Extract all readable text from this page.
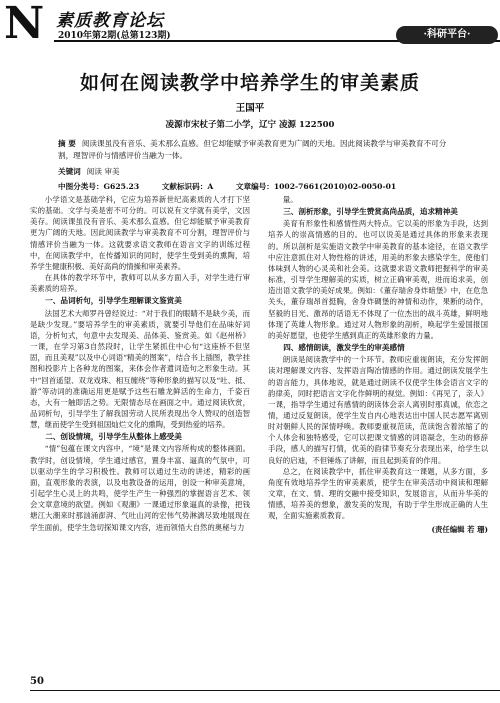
N 素质教育论坛
2010年第2期(总第123期)	·科研平台·
如何在阅读教学中培养学生的审美素质
王国平
凌源市宋杖子第二小学，辽宁 凌源 122500
摘 要 阅读课虽没有音乐、美术那么直感。但它却能赋予审美教育更为广阔的天地。因此阅读教学与审美教育不可分割，理智评价与情感评价当融为一体。
关键词 阅读 审美
中图分类号：G625.23	文献标识码：A	文章编号：1002-7661(2010)02-0050-01

小学语文是基础学科，它应为培养新世纪高素质的人才打下坚实的基础。文学与美是密不可分的。可以说有文学就有美学，文因美存。阅读课虽没有音乐、美术那么直感。但它却能赋予审美教育更为广阔的天地。因此阅读教学与审美教育不可分割，理智评价与情感评价当融为一体。这就要求语文教师在语言文字的训练过程中，在阅读教学中，在传播知识的同时，使学生受到美的熏陶，培养学生健康积极、美好高尚的情操和审美素养。

在具体的教学环节中，教师可以从多方面入手，对学生进行审美素质的培养。

一、品词析句，引导学生理解课文鉴赏美

法国艺术大师罗丹曾经说过：“对于我们的眼睛不是缺少美，而是缺少发现。”要培养学生的审美素质，就要引导他们在品味好词语，分析句式，句意中去发现美、品体美、鉴赏美。如《赵州桥》一课，在学习第3自然段时，让学生紧抓住中心句“这座桥不但坚固，而且美观”以及中心词语“精美的图案”，结合书上插图，教学挂图和投影片上各种龙的图案，来体会作者遣词造句之形象生动。其中“回首遥望、双龙戏珠、相互缠绕”等种形象的描写以及“吐、抵、游”等动词的准确运用更是赋予这些石雕龙鲜活的生命力，千姿百态，大有一触即活之势。无限情态尽在画面之中。通过阅读欣赏，品词析句，引导学生了解我国劳动人民所表现出令人赞叹的创造智慧，继而使学生受到祖国灿烂文化的熏陶，受到热爱的培养。

二、创设情境，引导学生从整体上感受美

“情”包蕴在课文内容中，“境”是课文内容所构成的整体画面。教学时，创设情境，学生通过感官，置身丰富、逼真的气氛中，可以驱动学生的学习积极性。教师可以通过生动的讲述，精彩的画面，直观形象的表演，以及电教设备的运用，创设一种审美意境，引起学生心灵上的共鸣，使学生产生一种强烈的掌握语言艺术、领会文章意境的欲望。例如《观潮》一课通过形象逼真的录像，把钱塘江大潮来时那汹涌澎湃、气吐山河的宏伟气势淋漓尽致地展现在学生面前，使学生急切探知课文内容，进而领悟大自然的奥秘与力

量。

三、剖析形象，引导学生赞赏高尚品质，追求精神美

美育有形象性和感情性两大特点。它以美的形象为手段，达到培养人的崇高情感的目的。也可以说美是通过具体的形象来表现的。所以剖析是实施语文教学中审美教育的基本途径，在语文教学中应注意抓住对人物性格的讲述，用美的形象去感染学生，使他们体味到人物的心灵美和社会美。这就要求语文教师把握科学的审美标准，引导学生理解美的实质，树立正确审美观，进而追求美，创造出语文教学的美好成果。例如：《董存瑞舍身炸暗堡》中，在危急关头，董存瑞昂首挺胸，舍身炸碉堡的神情和动作，果断的动作，坚毅的目光、激昂的话语无不体现了一位杰出的战斗英雄，鲜明地体现了英雄人物形象。通过对人物形象的剖析，唤起学生爱国报国的美好愿望，也使学生感到真正的英雄形象的力量。

四、感情朗读，激发学生的审美感情

朗读是阅读教学中的一个环节。教师应重视朗读，充分发挥朗读对理解课文内容、发挥语言陶冶情感的作用。通过朗读发展学生的语言能力，具体地说，就是通过朗读不仅使学生体会语言文字的韵律美，同时把语言文字化作鲜明的视觉。例如：《再见了，亲人》一课，指导学生通过有感情的朗读体会亲人离别时那真诚，依恋之情，通过反复朗读，使学生发自内心地表达出中国人民志愿军离别时对朝鲜人民的深情呼唤。教师要重视范读，范读饱含着浓缩了的个人体会和独特感受，它可以把课文情感的词语凝念，生动的修辞手段，感人的描写打情，优美的韵律节奏充分表现出来，给学生以良好的启迪，不但锤炼了讲解，而且起到美育的作用。

总之，在阅读教学中，抓住审美教育这一课题，从多方面，多角度有效地培养学生的审美素质，使学生在审美活动中阅读和理解文章，在文、情、理的交融中接受知识，发展语言，从而升华美的情感，培养美的想象，激发美的发现，有助于学生形成正确的人生观，全面实施素质教育。

(责任编辑 若 珊)
50
